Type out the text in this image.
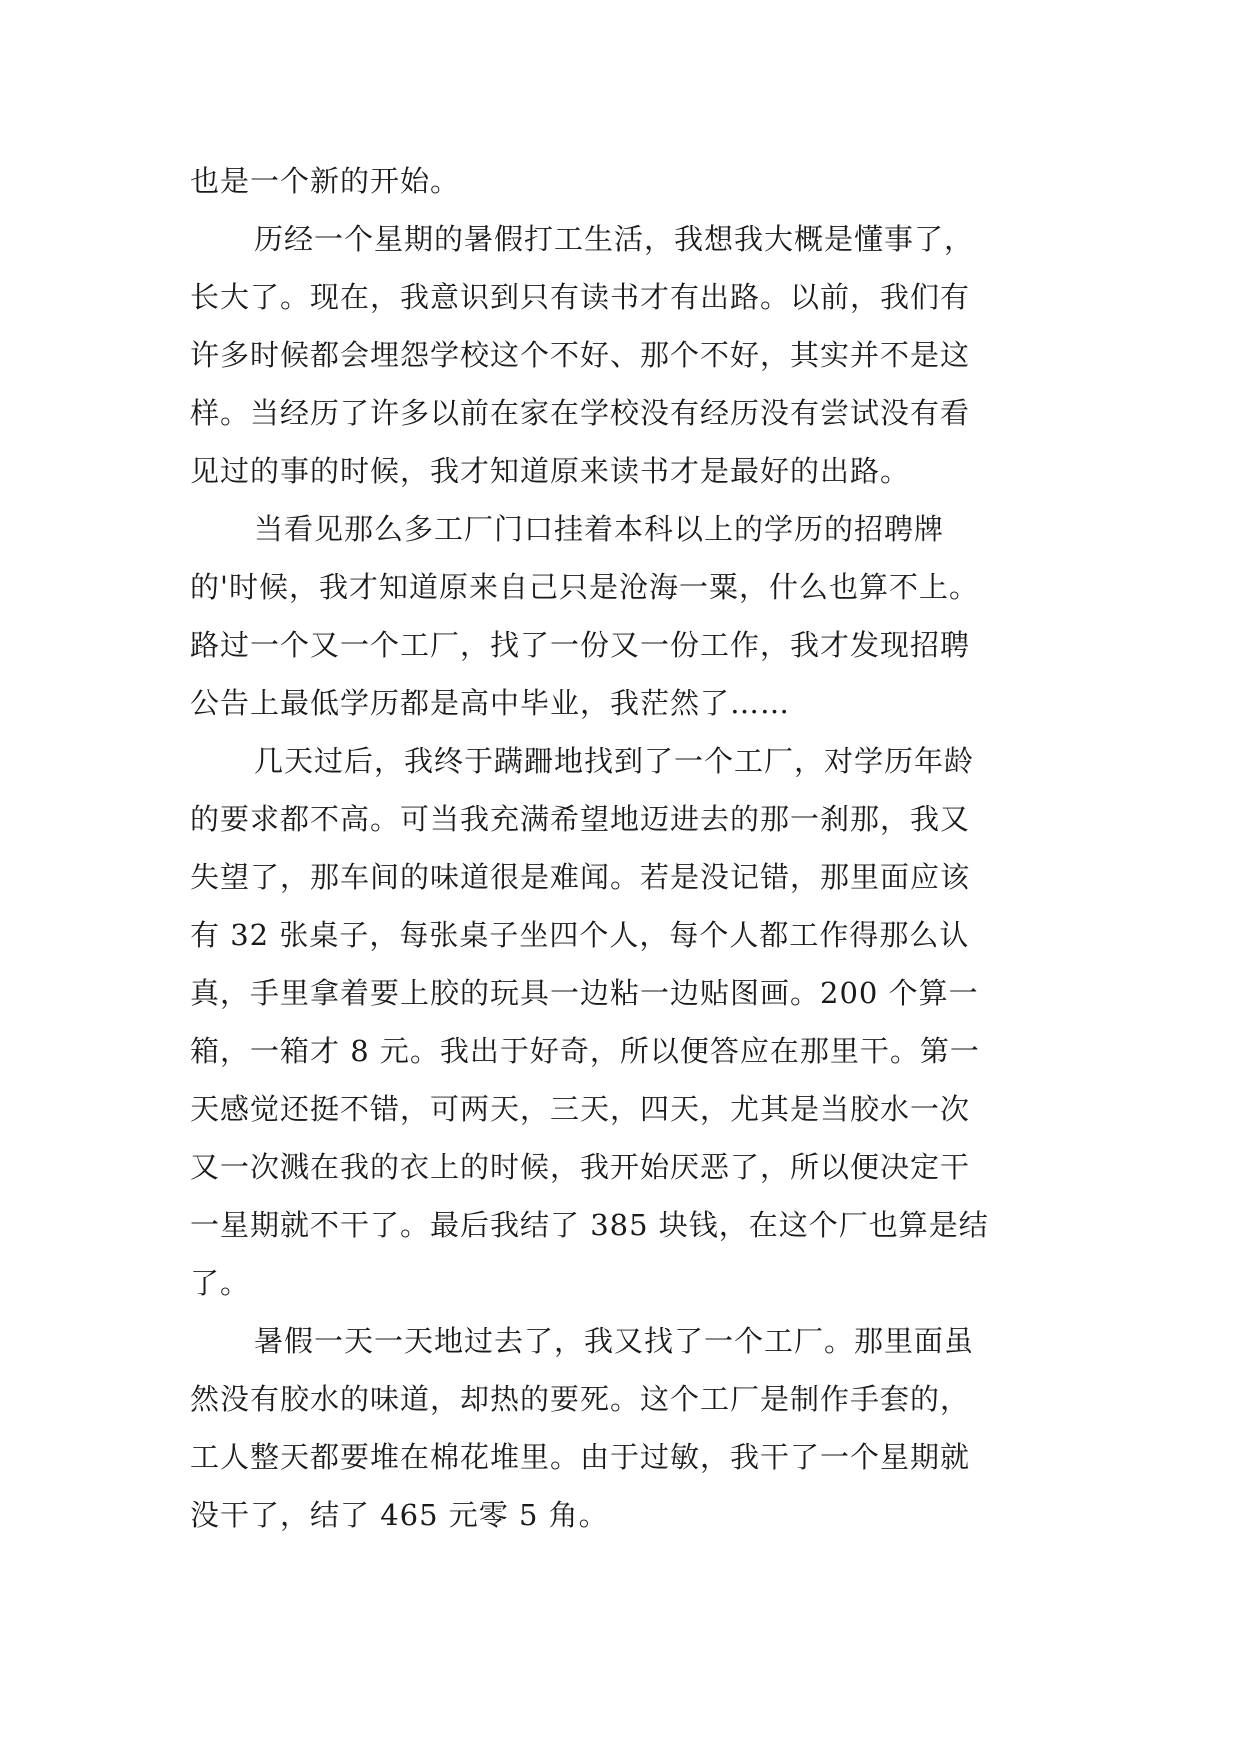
也是一个新的开始。
历经一个星期的暑假打工生活，我想我大概是懂事了，
长大了。现在，我意识到只有读书才有出路。以前，我们有
许多时候都会埋怨学校这个不好、那个不好，其实并不是这
样。当经历了许多以前在家在学校没有经历没有尝试没有看
见过的事的时候，我才知道原来读书才是最好的出路。
当看见那么多工厂门口挂着本科以上的学历的招聘牌
的'时候，我才知道原来自己只是沧海一粟，什么也算不上。
路过一个又一个工厂，找了一份又一份工作，我才发现招聘
公告上最低学历都是高中毕业，我茫然了……
几天过后，我终于蹒跚地找到了一个工厂，对学历年龄
的要求都不高。可当我充满希望地迈进去的那一刹那，我又
失望了，那车间的味道很是难闻。若是没记错，那里面应该
有 32 张桌子，每张桌子坐四个人，每个人都工作得那么认
真，手里拿着要上胶的玩具一边粘一边贴图画。200 个算一
箱，一箱才 8 元。我出于好奇，所以便答应在那里干。第一
天感觉还挺不错，可两天，三天，四天，尤其是当胶水一次
又一次溅在我的衣上的时候，我开始厌恶了，所以便决定干
一星期就不干了。最后我结了 385 块钱，在这个厂也算是结
了。
暑假一天一天地过去了，我又找了一个工厂。那里面虽
然没有胶水的味道，却热的要死。这个工厂是制作手套的，
工人整天都要堆在棉花堆里。由于过敏，我干了一个星期就
没干了，结了 465 元零 5 角。
